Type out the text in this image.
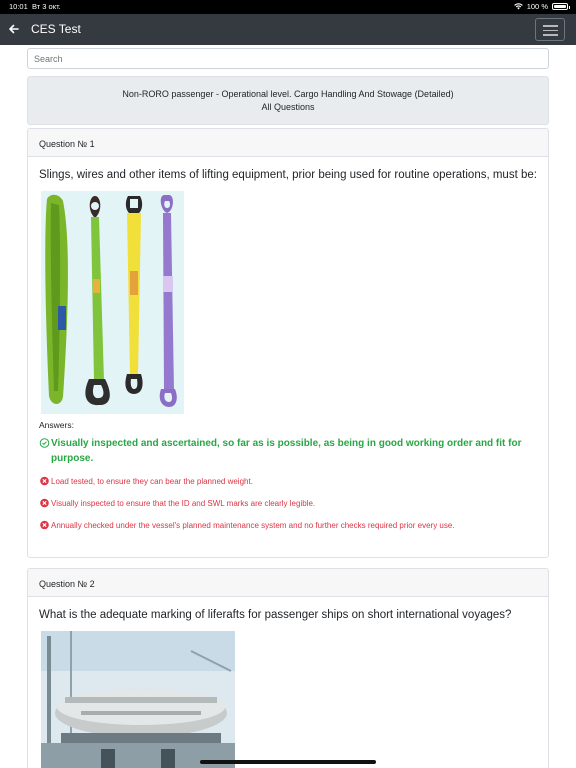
10:01 Вт 3 окт.	100 %
CES Test
Search
Non-RORO passenger - Operational level. Cargo Handling And Stowage (Detailed)
All Questions
Question № 1
Slings, wires and other items of lifting equipment, prior being used for routine operations, must be:
Answers:
Visually inspected and ascertained, so far as is possible, as being in good working order and fit for purpose.
Load tested, to ensure they can bear the planned weight.
Visually inspected to ensure that the ID and SWL marks are clearly legible.
Annually checked under the vessel's planned maintenance system and no further checks required prior every use.
Question № 2
What is the adequate marking of liferafts for passenger ships on short international voyages?
